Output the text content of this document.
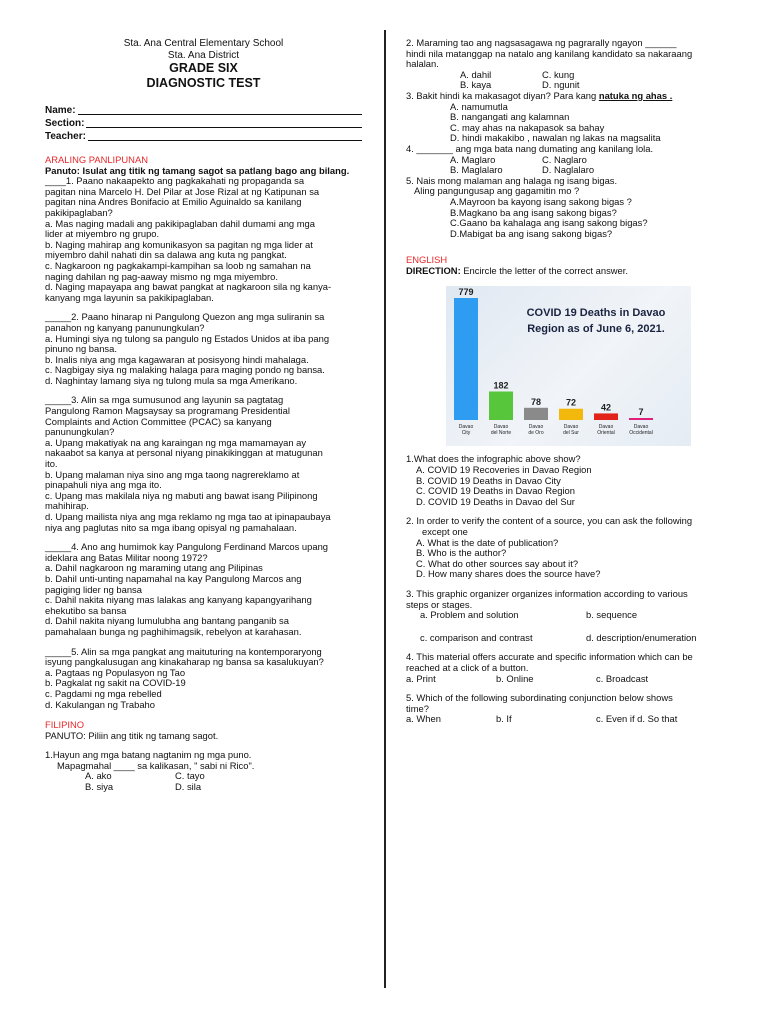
Sta. Ana Central Elementary School
Sta. Ana District
GRADE SIX
DIAGNOSTIC TEST
Name:
Section:
Teacher:
ARALING PANLIPUNAN
Panuto: Isulat ang titik ng tamang sagot sa patlang bago ang bilang.
____1. Paano nakaapekto ang pagkakahati ng propaganda sa
pagitan nina Marcelo H. Del Pilar at Jose Rizal at ng Katipunan sa
pagitan nina Andres Bonifacio at Emilio Aguinaldo sa kanilang
pakikipaglaban?
a. Mas naging madali ang pakikipaglaban dahil dumami ang mga
lider at miyembro ng grupo.
b. Naging mahirap ang komunikasyon sa pagitan ng mga lider at
miyembro dahil nahati din sa dalawa ang kuta ng pangkat.
c. Nagkaroon ng pagkakampi-kampihan sa loob ng samahan na
naging dahilan ng pag-aaway mismo ng mga miyembro.
d. Naging mapayapa ang bawat pangkat at nagkaroon sila ng kanya-
kanyang mga layunin sa pakikipaglaban.
_____2. Paano hinarap ni Pangulong Quezon ang mga suliranin sa
panahon ng kanyang panunungkulan?
a. Humingi siya ng tulong sa pangulo ng Estados Unidos at iba pang
pinuno ng bansa.
b. Inalis niya ang mga kagawaran at posisyong hindi mahalaga.
c. Nagbigay siya ng malaking halaga para maging pondo ng bansa.
d. Naghintay lamang siya ng tulong mula sa mga Amerikano.
_____3. Alin sa mga sumusunod ang layunin sa pagtatag
Pangulong Ramon Magsaysay sa programang Presidential
Complaints and Action Committee (PCAC) sa kanyang
panunungkulan?
a. Upang makatiyak na ang karaingan ng mga mamamayan ay
nakaabot sa kanya at personal niyang pinakikinggan at matugunan
ito.
b. Upang malaman niya sino ang mga taong nagrereklamo at
pinapahuli niya ang mga ito.
c. Upang mas makilala niya ng mabuti ang bawat isang Pilipinong
mahihirap.
d. Upang mailista niya ang mga reklamo ng mga tao at ipinapaubaya
niya ang paglutas nito sa mga ibang opisyal ng pamahalaan.
_____4. Ano ang humimok kay Pangulong Ferdinand Marcos upang
ideklara ang Batas Militar noong 1972?
a. Dahil nagkaroon ng maraming utang ang Pilipinas
b. Dahil unti-unting napamahal na kay Pangulong Marcos ang
pagiging lider ng bansa
c. Dahil nakita niyang mas lalakas ang kanyang kapangyarihang
ehekutibo sa bansa
d. Dahil nakita niyang lumulubha ang bantang panganib sa
pamahalaan bunga ng paghihimagsik, rebelyon at karahasan.
_____5. Alin sa mga pangkat ang maituturing na kontemporaryong
isyung pangkalusugan ang kinakaharap ng bansa sa kasalukuyan?
a. Pagtaas ng Populasyon ng Tao
b. Pagkalat ng sakit na COVID-19
c. Pagdami ng mga rebelled
d. Kakulangan ng Trabaho
FILIPINO
PANUTO: Piliin ang titik ng tamang sagot.
1.Hayun ang mga batang nagtanim ng mga puno.
Mapagmahal ____ sa kalikasan, " sabi ni Rico".
A. ako	C. tayo
B. siya	D. sila
2. Maraming tao ang nagsasagawa ng pagrarally ngayon ______
hindi nila matanggap na natalo ang kanilang kandidato sa nakaraang
halalan.
A. dahil	C. kung
B. kaya	D. ngunit
3. Bakit hindi ka makasagot diyan? Para kang natuka ng ahas .
A. namumutla
B. nangangati ang kalamnan
C. may ahas na nakapasok sa bahay
D. hindi makakibo , nawalan ng lakas na magsalita
4. _______ ang mga bata nang dumating ang kanilang lola.
A. Maglaro	C. Naglaro
B. Maglalaro	D. Naglalaro
5. Nais mong malaman ang halaga ng isang bigas.
Aling pangungusap ang gagamitin mo ?
A.Mayroon ba kayong isang sakong bigas ?
B.Magkano ba ang isang sakong bigas?
C.Gaano ba kahalaga ang isang sakong bigas?
D.Mabigat ba ang isang sakong bigas?
ENGLISH
DIRECTION: Encircle the letter of the correct answer.
779
Davao
City
182
Davao
del Norte
78
Davao
de Oro
72
Davao
del Sur
42
Davao
Oriental
7
Davao
Occidental
COVID 19 Deaths in Davao
Region as of June 6, 2021.
1.What does the infographic above show?
A. COVID 19 Recoveries in Davao Region
B. COVID 19 Deaths in Davao City
C. COVID 19 Deaths in Davao Region
D. COVID 19 Deaths in Davao del Sur
2. In order to verify the content of a source, you can ask the following
except one
A. What is the date of publication?
B. Who is the author?
C. What do other sources say about it?
D. How many shares does the source have?
3. This graphic organizer organizes information according to various
steps or stages.
a. Problem and solution	b. sequence
c. comparison and contrast	d. description/enumeration
4. This material offers accurate and specific information which can be
reached at a click of a button.
a. Print	b. Online	c. Broadcast
5. Which of the following subordinating conjunction below shows
time?
a. When	b. If	c. Even if d. So that
